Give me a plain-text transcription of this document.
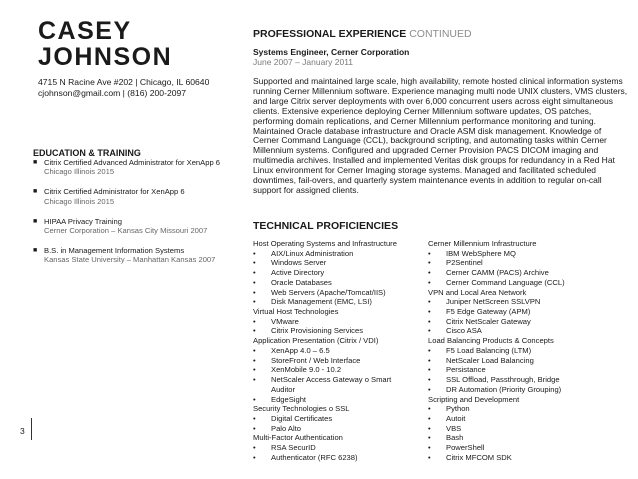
CASEY
JOHNSON
4715 N Racine Ave #202 | Chicago, IL 60640
cjohnson@gmail.com | (816) 200-2097
EDUCATION & TRAINING
■ Citrix Certified Advanced Administrator for XenApp 6
Chicago Illinois 2015
■ Citrix Certified Administrator for XenApp 6
Chicago Illinois 2015
■ HIPAA Privacy Training
Cerner Corporation – Kansas City Missouri 2007
■ B.S. in Management Information Systems
Kansas State University – Manhattan Kansas 2007
PROFESSIONAL EXPERIENCE CONTINUED
Systems Engineer, Cerner Corporation
June 2007 – January 2011
Supported and maintained large scale, high availability, remote hosted clinical information systems running Cerner Millennium software. Experience managing multi node UNIX clusters, VMS clusters, and large Citrix server deployments with over 6,000 concurrent users across eight simultaneous clients. Extensive experience deploying Cerner Millennium software updates, OS patches, performing domain replications, and Cerner Millennium performance monitoring and tuning. Maintained Oracle database infrastructure and Oracle ASM disk management. Knowledge of Cerner Command Language (CCL), background scripting, and automating tasks within Cerner Millennium systems. Configured and upgraded Cerner Provision PACS DICOM imaging and multimedia archives. Installed and implemented Veritas disk groups for redundancy in a Red Hat Linux environment for Cerner Imaging storage systems. Managed and facilitated scheduled downtimes, fail-overs, and quarterly system maintenance events in addition to regular on-call support for assigned clients.
TECHNICAL PROFICIENCIES
Host Operating Systems and Infrastructure
• AIX/Linux Administration
• Windows Server
• Active Directory
• Oracle Databases
• Web Servers (Apache/Tomcat/IIS)
• Disk Management (EMC, LSI)
Virtual Host Technologies
• VMware
• Citrix Provisioning Services
Application Presentation (Citrix / VDI)
• XenApp 4.0 – 6.5
• StoreFront / Web Interface
• XenMobile 9.0 - 10.2
• NetScaler Access Gateway o Smart
Auditor
• EdgeSight
Security Technologies o SSL
• Digital Certificates
• Palo Alto
Multi-Factor Authentication
• RSA SecurID
• Authenticator (RFC 6238)
Cerner Millennium Infrastructure
• IBM WebSphere MQ
• P2Sentinel
• Cerner CAMM (PACS) Archive
• Cerner Command Language (CCL)
VPN and Local Area Network
• Juniper NetScreen SSLVPN
• F5 Edge Gateway (APM)
• Citrix NetScaler Gateway
• Cisco ASA
Load Balancing Products & Concepts
• F5 Load Balancing (LTM)
• NetScaler Load Balancing
• Persistance
• SSL Offload, Passthrough, Bridge
• DR Automation (Priority Grouping)
Scripting and Development
• Python
• Autoit
• VBS
• Bash
• PowerShell
• Citrix MFCOM SDK
3
